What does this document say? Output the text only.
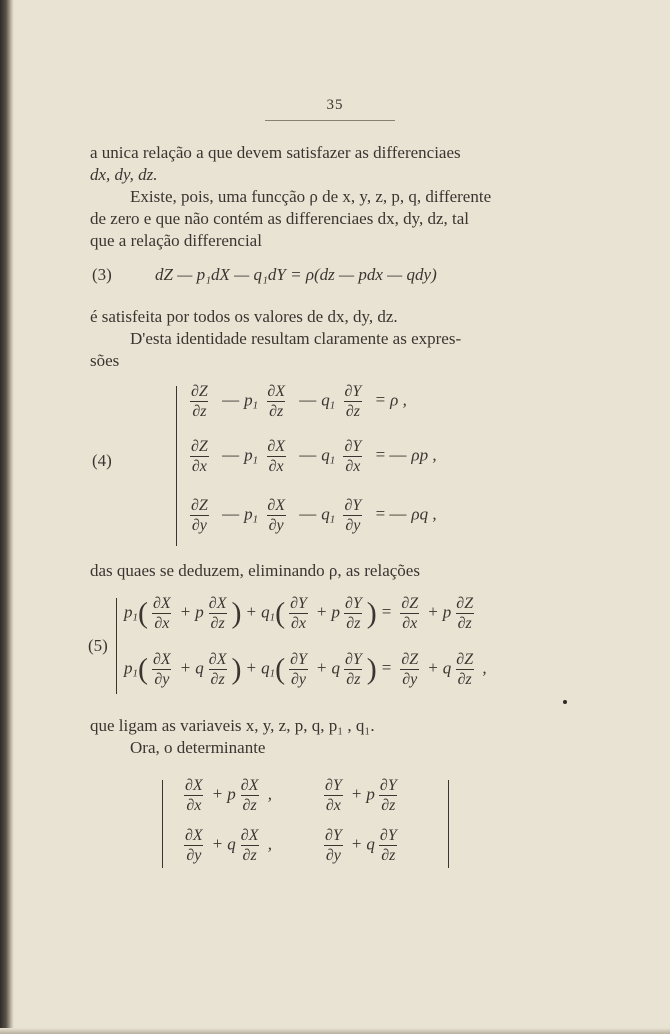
35
a unica relação a que devem satisfazer as differenciaes
dx, dy, dz.
Existe, pois, uma funcção ρ de x, y, z, p, q, differente
de zero e que não contém as differenciaes dx, dy, dz, tal
que a relação differencial
(3)	dZ — p₁dX — q₁dY = ρ(dz — pdx — qdy)
é satisfeita por todos os valores de dx, dy, dz.
D'esta identidade resultam claramente as expres-
sões
(4)
$\frac{\partial Z}{\partial z}$ — $p_1 \frac{\partial X}{\partial z}$ — $q_1 \frac{\partial Y}{\partial z} = \rho$ ,
$\frac{\partial Z}{\partial x}$ — $p_1 \frac{\partial X}{\partial x}$ — $q_1 \frac{\partial Y}{\partial x}$ = — ρp ,
$\frac{\partial Z}{\partial y}$ — $p_1 \frac{\partial X}{\partial y}$ — $q_1 \frac{\partial Y}{\partial y}$ = — ρq ,
das quaes se deduzem, eliminando ρ, as relações
(5)
$p_1( \frac{\partial X}{\partial x} + p \frac{\partial X}{\partial z}$ ) + $q_1( \frac{\partial Y}{\partial x} + p \frac{\partial Y}{\partial z}$ ) = $\frac{\partial Z}{\partial x} + p \frac{\partial Z}{\partial z}$
$p_1( \frac{\partial X}{\partial y} + q \frac{\partial X}{\partial z}$ ) + $q_1( \frac{\partial Y}{\partial y} + q \frac{\partial Y}{\partial z}$ ) = $\frac{\partial Z}{\partial y} + q \frac{\partial Z}{\partial z}$ ,
que ligam as variaveis x, y, z, p, q, p₁ , q₁.
Ora, o determinante
$\frac{\partial X}{\partial x} + p \frac{\partial X}{\partial z}$ ,	$\frac{\partial Y}{\partial x} + p \frac{\partial Y}{\partial z}$
$\frac{\partial X}{\partial y} + q \frac{\partial X}{\partial z}$ ,	$\frac{\partial Y}{\partial y} + q \frac{\partial Y}{\partial z}$
